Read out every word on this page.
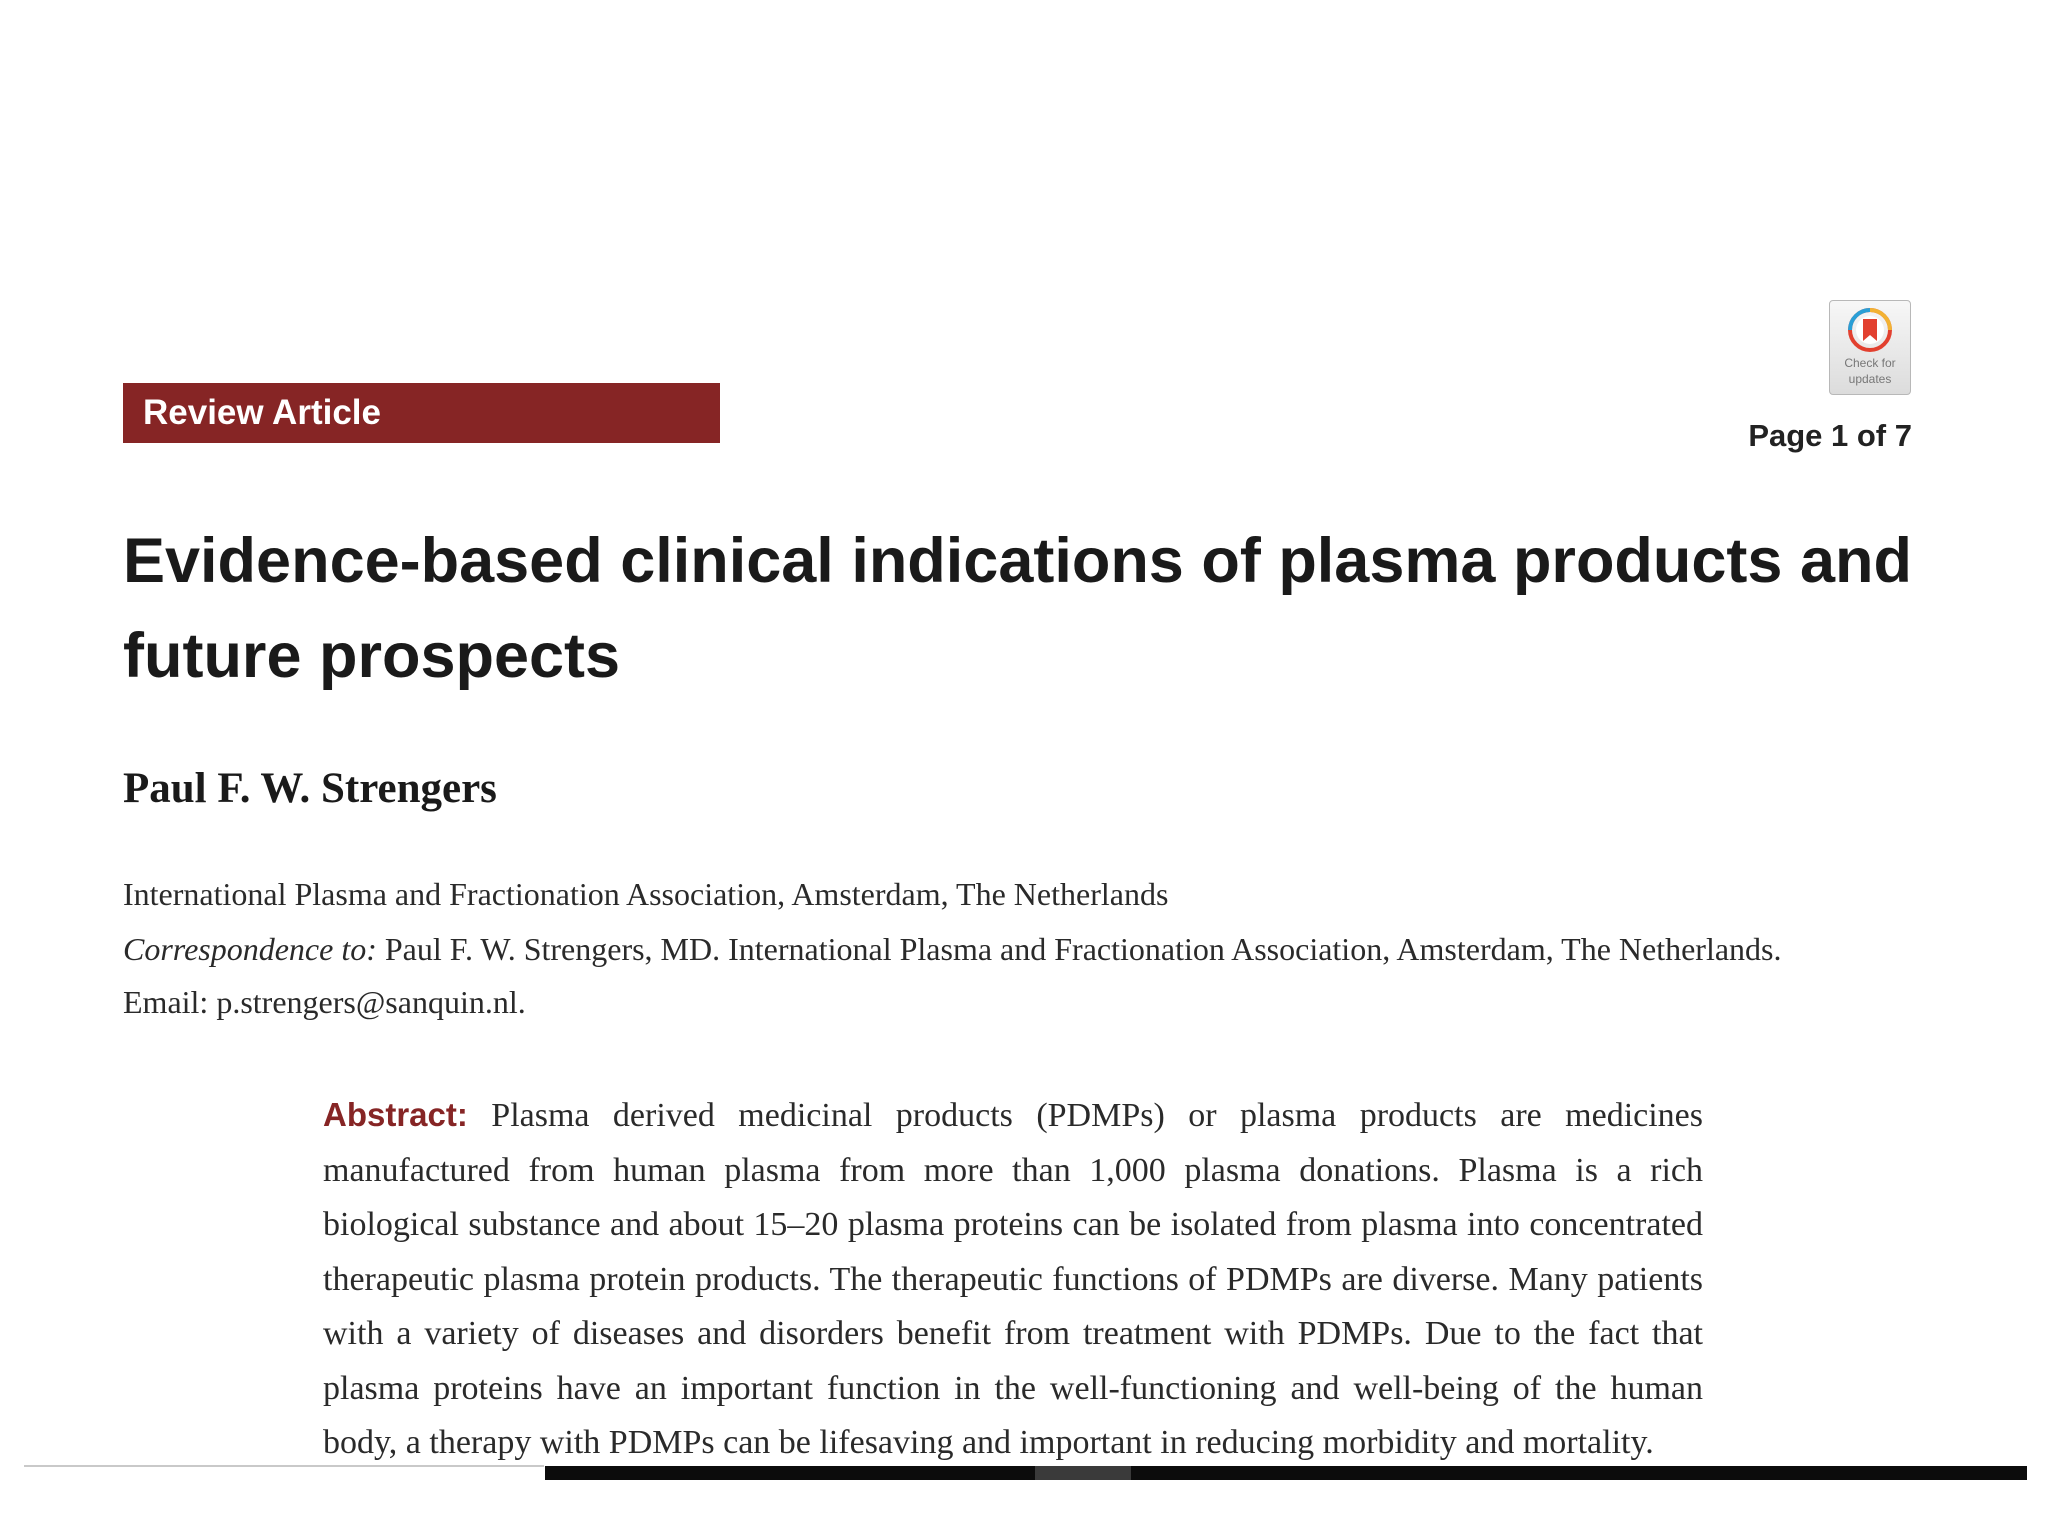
Review Article
Check for
updates
Page 1 of 7
Evidence-based clinical indications of plasma products and future prospects
Paul F. W. Strengers
International Plasma and Fractionation Association, Amsterdam, The Netherlands
Correspondence to: Paul F. W. Strengers, MD. International Plasma and Fractionation Association, Amsterdam, The Netherlands.
Email: p.strengers@sanquin.nl.
Abstract: Plasma derived medicinal products (PDMPs) or plasma products are medicines manufactured from human plasma from more than 1,000 plasma donations. Plasma is a rich biological substance and about 15–20 plasma proteins can be isolated from plasma into concentrated therapeutic plasma protein products. The therapeutic functions of PDMPs are diverse. Many patients with a variety of diseases and disorders benefit from treatment with PDMPs. Due to the fact that plasma proteins have an important function in the well-functioning and well-being of the human body, a therapy with PDMPs can be lifesaving and important in reducing morbidity and mortality.
